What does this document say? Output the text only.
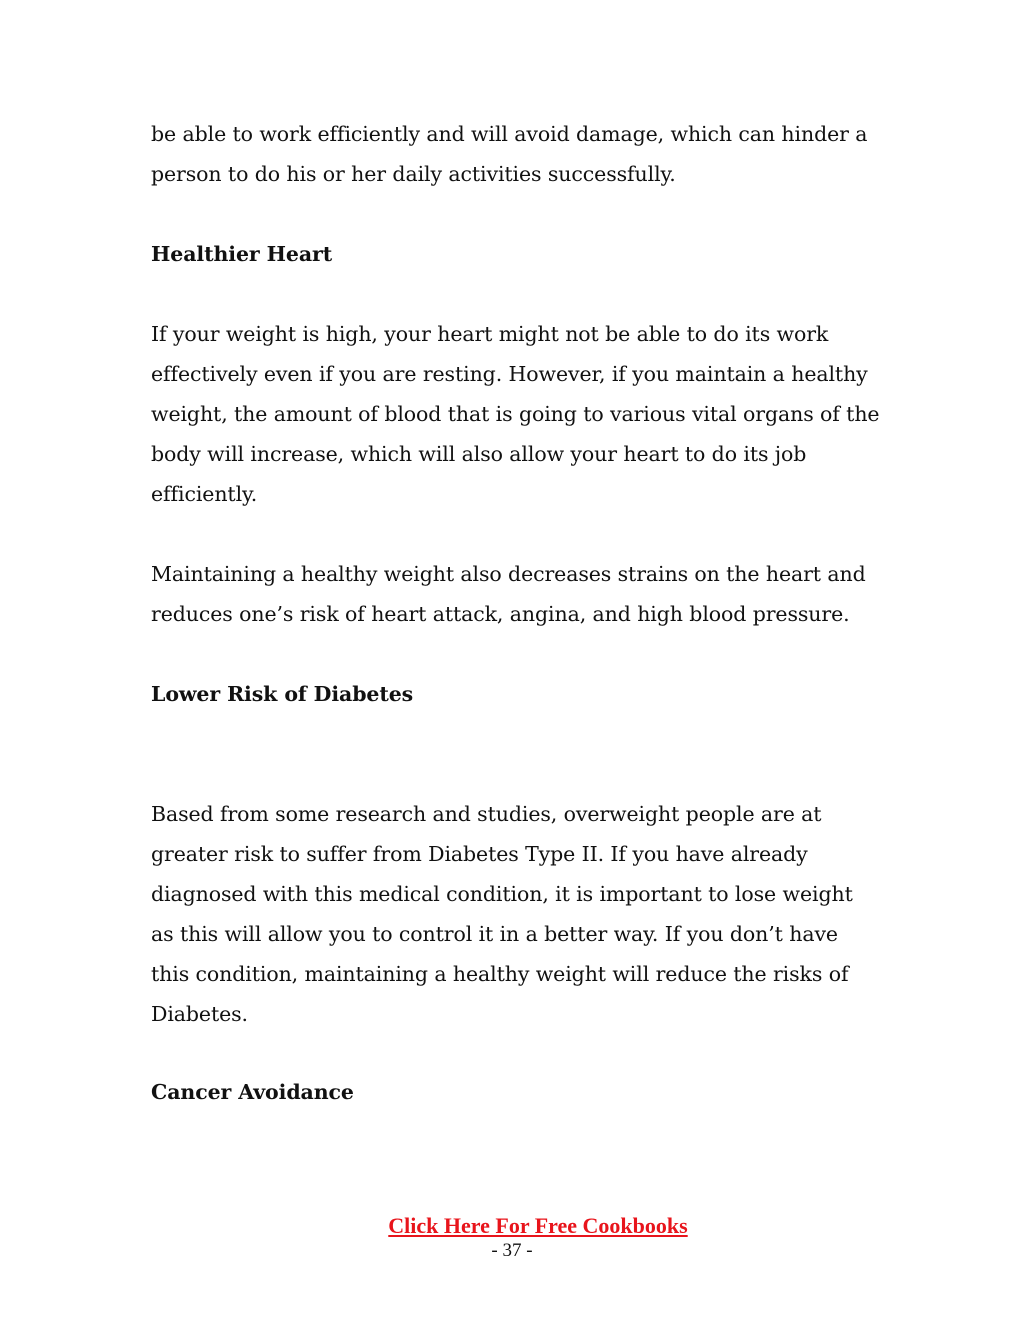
be able to work efficiently and will avoid damage, which can hinder a
person to do his or her daily activities successfully.
Healthier Heart
If your weight is high, your heart might not be able to do its work
effectively even if you are resting. However, if you maintain a healthy
weight, the amount of blood that is going to various vital organs of the
body will increase, which will also allow your heart to do its job
efficiently.
Maintaining a healthy weight also decreases strains on the heart and
reduces one’s risk of heart attack, angina, and high blood pressure.
Lower Risk of Diabetes
Based from some research and studies, overweight people are at
greater risk to suffer from Diabetes Type II. If you have already
diagnosed with this medical condition, it is important to lose weight
as this will allow you to control it in a better way. If you don’t have
this condition, maintaining a healthy weight will reduce the risks of
Diabetes.
Cancer Avoidance
Click Here For Free Cookbooks
- 37 -
